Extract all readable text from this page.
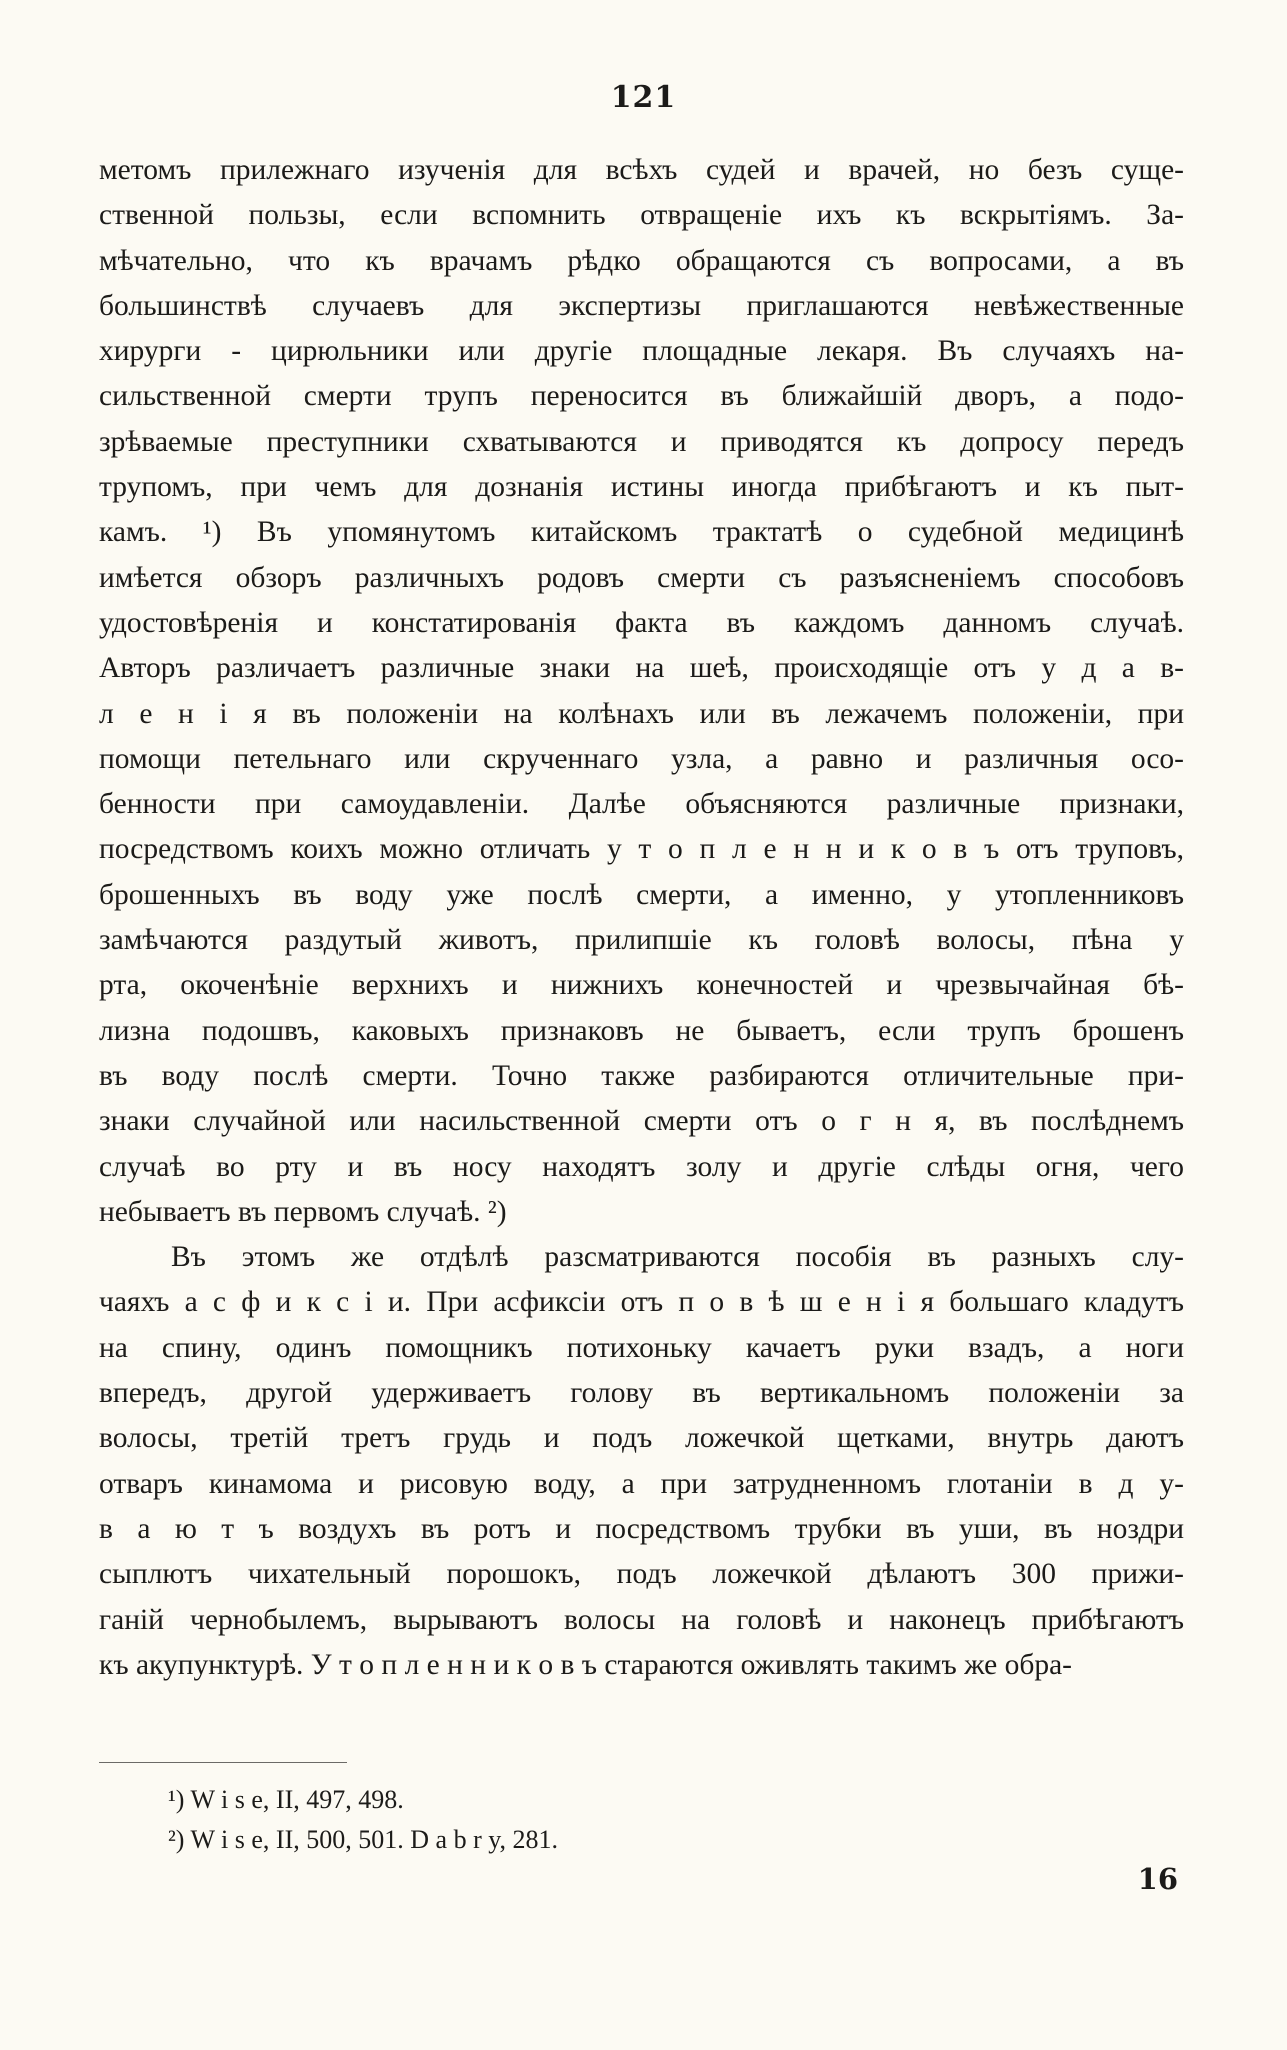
121
метомъ прилежнаго изученія для всѣхъ судей и врачей, но безъ суще-
ственной пользы, если вспомнить отвращеніе ихъ къ вскрытіямъ. За-
мѣчательно, что къ врачамъ рѣдко обращаются съ вопросами, а въ
большинствѣ случаевъ для экспертизы приглашаются невѣжественные
хирурги - цирюльники или другіе площадные лекаря. Въ случаяхъ на-
сильственной смерти трупъ переносится въ ближайшій дворъ, а подо-
зрѣваемые преступники схватываются и приводятся къ допросу передъ
трупомъ, при чемъ для дознанія истины иногда прибѣгаютъ и къ пыт-
камъ. ¹) Въ упомянутомъ китайскомъ трактатѣ о судебной медицинѣ
имѣется обзоръ различныхъ родовъ смерти съ разъясненіемъ способовъ
удостовѣренія и констатированія факта въ каждомъ данномъ случаѣ.
Авторъ различаетъ различные знаки на шеѣ, происходящіе отъ у д а в-
л е н і я въ положеніи на колѣнахъ или въ лежачемъ положеніи, при
помощи петельнаго или скрученнаго узла, а равно и различныя осо-
бенности при самоудавленіи. Далѣе объясняются различные признаки,
посредствомъ коихъ можно отличать у т о п л е н н и к о в ъ отъ труповъ,
брошенныхъ въ воду уже послѣ смерти, а именно, у утопленниковъ
замѣчаются раздутый животъ, прилипшіе къ головѣ волосы, пѣна у
рта, окоченѣніе верхнихъ и нижнихъ конечностей и чрезвычайная бѣ-
лизна подошвъ, каковыхъ признаковъ не бываетъ, если трупъ брошенъ
въ воду послѣ смерти. Точно также разбираются отличительные при-
знаки случайной или насильственной смерти отъ о г н я, въ послѣднемъ
случаѣ во рту и въ носу находятъ золу и другіе слѣды огня, чего
небываетъ въ первомъ случаѣ. ²)
Въ этомъ же отдѣлѣ разсматриваются пособія въ разныхъ слу-
чаяхъ а с ф и к с і и. При асфиксіи отъ п о в ѣ ш е н і я большаго кладутъ
на спину, одинъ помощникъ потихоньку качаетъ руки взадъ, а ноги
впередъ, другой удерживаетъ голову въ вертикальномъ положеніи за
волосы, третій третъ грудь и подъ ложечкой щетками, внутрь даютъ
отваръ кинамома и рисовую воду, а при затрудненномъ глотаніи в д у-
в а ю т ъ воздухъ въ ротъ и посредствомъ трубки въ уши, въ ноздри
сыплютъ чихательный порошокъ, подъ ложечкой дѣлаютъ 300 прижи-
ганій чернобылемъ, вырываютъ волосы на головѣ и наконецъ прибѣгаютъ
къ акупунктурѣ. У т о п л е н н и к о в ъ стараются оживлять такимъ же обра-
¹) W i s e, II, 497, 498.
²) W i s e, II, 500, 501. D a b r y, 281.
16
